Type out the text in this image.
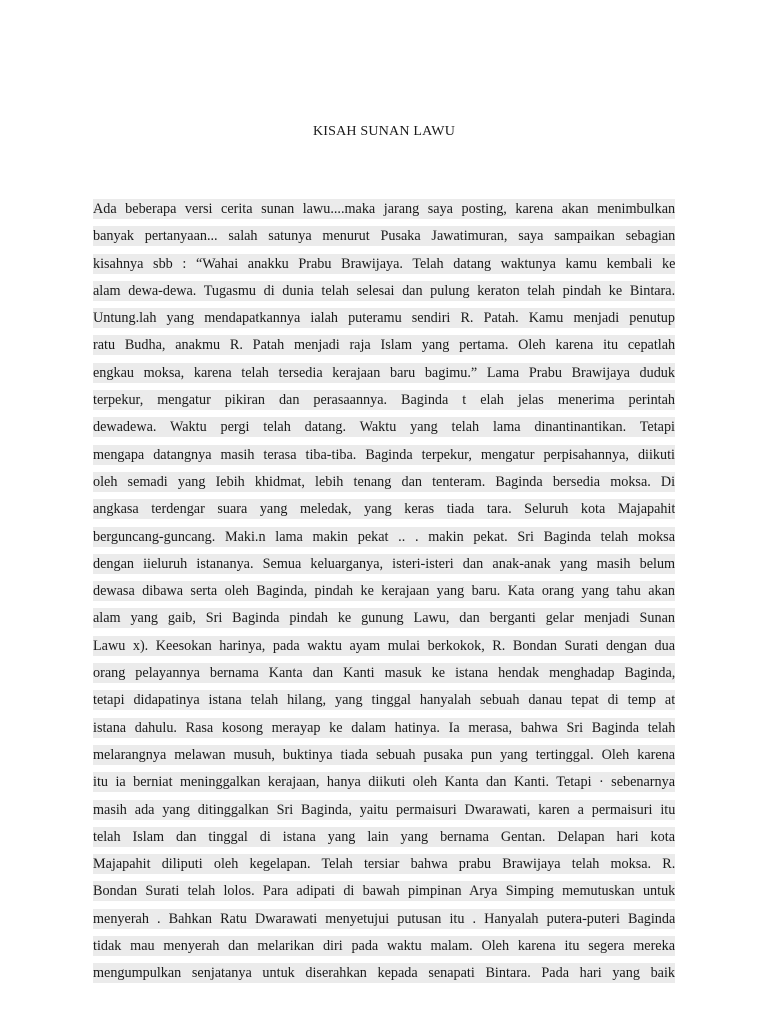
KISAH SUNAN LAWU
Ada beberapa versi cerita sunan lawu....maka jarang saya posting, karena akan menimbulkan
banyak pertanyaan... salah satunya menurut Pusaka Jawatimuran, saya sampaikan sebagian
kisahnya sbb : “Wahai anakku Prabu Brawijaya. Telah datang waktunya kamu kembali ke
alam dewa-dewa. Tugasmu di dunia telah selesai dan pulung keraton telah pindah ke Bintara.
Untung.lah yang mendapatkannya ialah puteramu sendiri R. Patah. Kamu menjadi penutup
ratu Budha, anakmu R. Patah menjadi raja Islam yang pertama. Oleh karena itu cepatlah
engkau moksa, karena telah tersedia kerajaan baru bagimu.” Lama Prabu Brawijaya duduk
terpekur, mengatur pikiran dan perasaannya. Baginda t elah jelas menerima perintah
dewadewa. Waktu pergi telah datang. Waktu yang telah lama dinantinantikan. Tetapi
mengapa datangnya masih terasa tiba-tiba. Baginda terpekur, mengatur perpisahannya, diikuti
oleh semadi yang Iebih khidmat, lebih tenang dan tenteram. Baginda bersedia moksa. Di
angkasa terdengar suara yang meledak, yang keras tiada tara. Seluruh kota Majapahit
berguncang-guncang. Maki.n lama makin pekat .. . makin pekat. Sri Baginda telah moksa
dengan iieluruh istananya. Semua keluarganya, isteri-isteri dan anak-anak yang masih belum
dewasa dibawa serta oleh Baginda, pindah ke kerajaan yang baru. Kata orang yang tahu akan
alam yang gaib, Sri Baginda pindah ke gunung Lawu, dan berganti gelar menjadi Sunan
Lawu x). Keesokan harinya, pada waktu ayam mulai berkokok, R. Bondan Surati dengan dua
orang pelayannya bernama Kanta dan Kanti masuk ke istana hendak menghadap Baginda,
tetapi didapatinya istana telah hilang, yang tinggal hanyalah sebuah danau tepat di temp at
istana dahulu. Rasa kosong merayap ke dalam hatinya. Ia merasa, bahwa Sri Baginda telah
melarangnya melawan musuh, buktinya tiada sebuah pusaka pun yang tertinggal. Oleh karena
itu ia berniat meninggalkan kerajaan, hanya diikuti oleh Kanta dan Kanti. Tetapi · sebenarnya
masih ada yang ditinggalkan Sri Baginda, yaitu permaisuri Dwarawati, karen a permaisuri itu
telah Islam dan tinggal di istana yang lain yang bernama Gentan. Delapan hari kota
Majapahit diliputi oleh kegelapan. Telah tersiar bahwa prabu Brawijaya telah moksa. R.
Bondan Surati telah lolos. Para adipati di bawah pimpinan Arya Simping memutuskan untuk
menyerah . Bahkan Ratu Dwarawati menyetujui putusan itu . Hanyalah putera-puteri Baginda
tidak mau menyerah dan melarikan diri pada waktu malam. Oleh karena itu segera mereka
mengumpulkan senjatanya untuk diserahkan kepada senapati Bintara. Pada hari yang baik
